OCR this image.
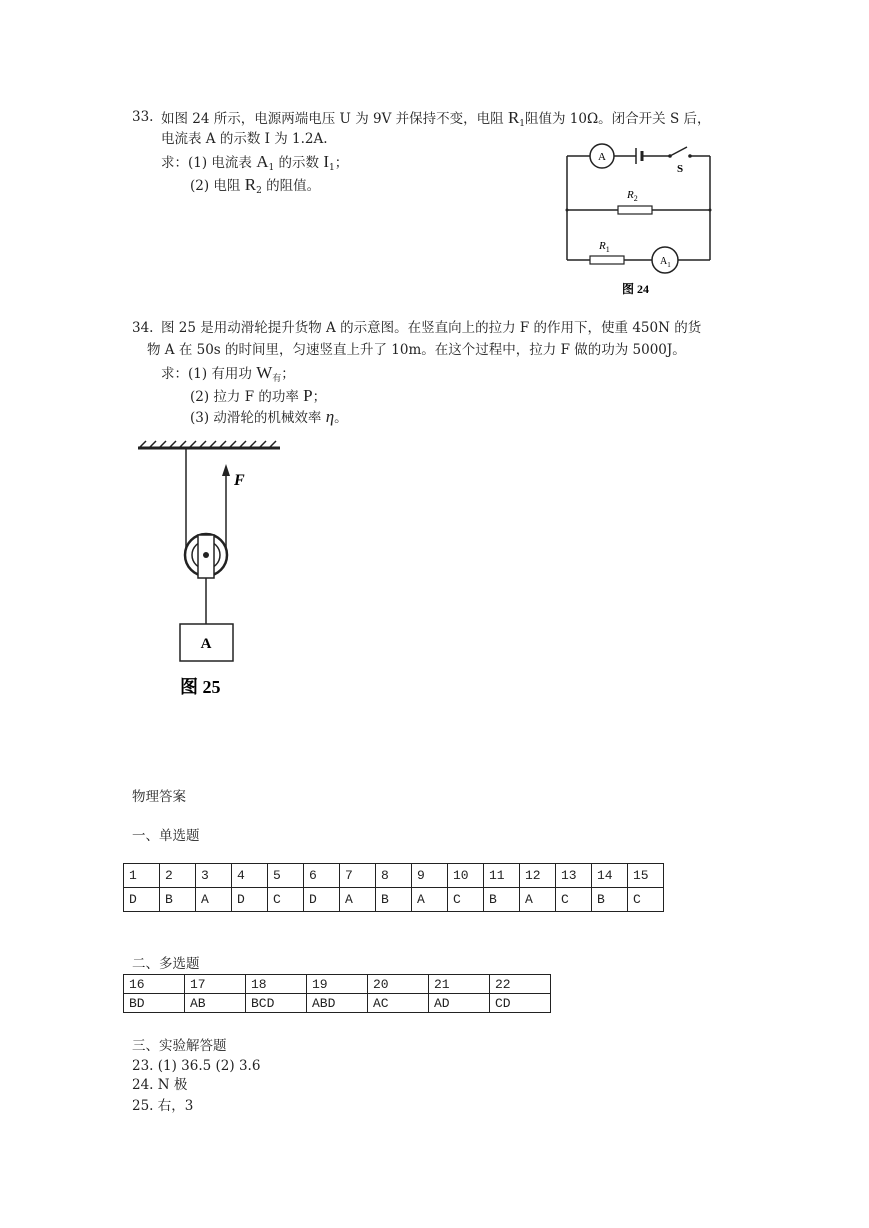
33. 如图 24 所示，电源两端电压 U 为 9V 并保持不变，电阻 $R_1$阻值为 10Ω。闭合开关 S 后，
电流表 A 的示数 I 为 1.2A.
求：(1) 电流表 $A_1$ 的示数 $I_1$；
(2) 电阻 $R_2$ 的阻值。
A
S
$R_2$
$R_1$
$A_1$
图 24
34. 图 25 是用动滑轮提升货物 A 的示意图。在竖直向上的拉力 F 的作用下，使重 450N 的货
物 A 在 50s 的时间里，匀速竖直上升了 10m。在这个过程中，拉力 F 做的功为 5000J。
求：(1) 有用功 $W_有$；
(2) 拉力 F 的功率 P；
(3) 动滑轮的机械效率 η。
F
A
图 25
物理答案
一、单选题
1	2	3	4	5	6	7	8	9	10	11	12	13	14	15
D	B	A	D	C	D	A	B	A	C	B	A	C	B	C
二、多选题
16	17	18	19	20	21	22
BD	AB	BCD	ABD	AC	AD	CD
三、实验解答题
23. (1) 36.5 (2) 3.6
24. N 极
25. 右，3
